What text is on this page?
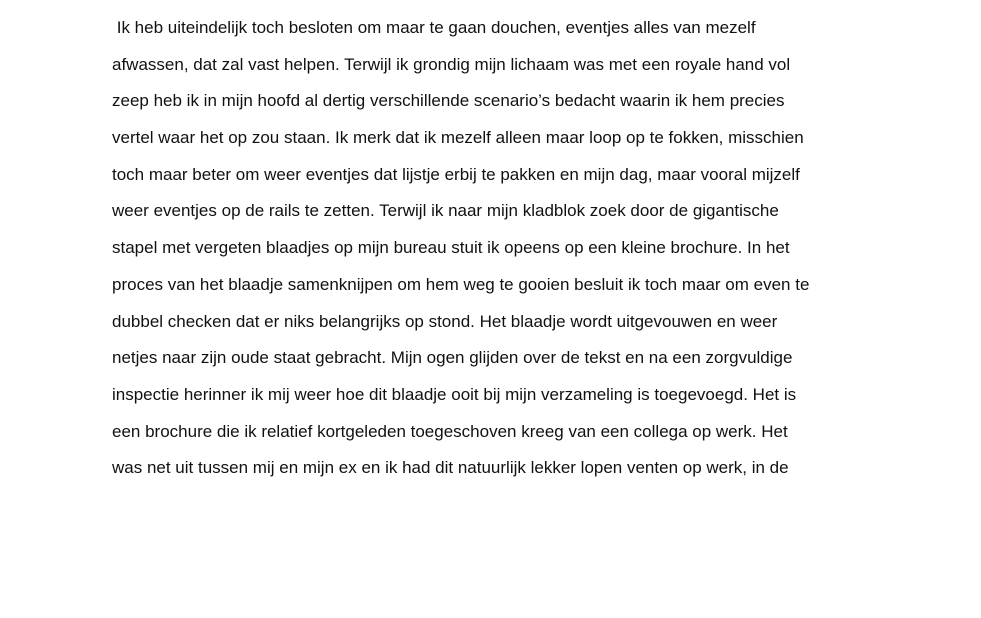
Ik heb uiteindelijk toch besloten om maar te gaan douchen, eventjes alles van mezelf
afwassen, dat zal vast helpen. Terwijl ik grondig mijn lichaam was met een royale hand vol
zeep heb ik in mijn hoofd al dertig verschillende scenario’s bedacht waarin ik hem precies
vertel waar het op zou staan. Ik merk dat ik mezelf alleen maar loop op te fokken, misschien
toch maar beter om weer eventjes dat lijstje erbij te pakken en mijn dag, maar vooral mijzelf
weer eventjes op de rails te zetten. Terwijl ik naar mijn kladblok zoek door de gigantische
stapel met vergeten blaadjes op mijn bureau stuit ik opeens op een kleine brochure. In het
proces van het blaadje samenknijpen om hem weg te gooien besluit ik toch maar om even te
dubbel checken dat er niks belangrijks op stond. Het blaadje wordt uitgevouwen en weer
netjes naar zijn oude staat gebracht. Mijn ogen glijden over de tekst en na een zorgvuldige
inspectie herinner ik mij weer hoe dit blaadje ooit bij mijn verzameling is toegevoegd. Het is
een brochure die ik relatief kortgeleden toegeschoven kreeg van een collega op werk. Het
was net uit tussen mij en mijn ex en ik had dit natuurlijk lekker lopen venten op werk, in de
